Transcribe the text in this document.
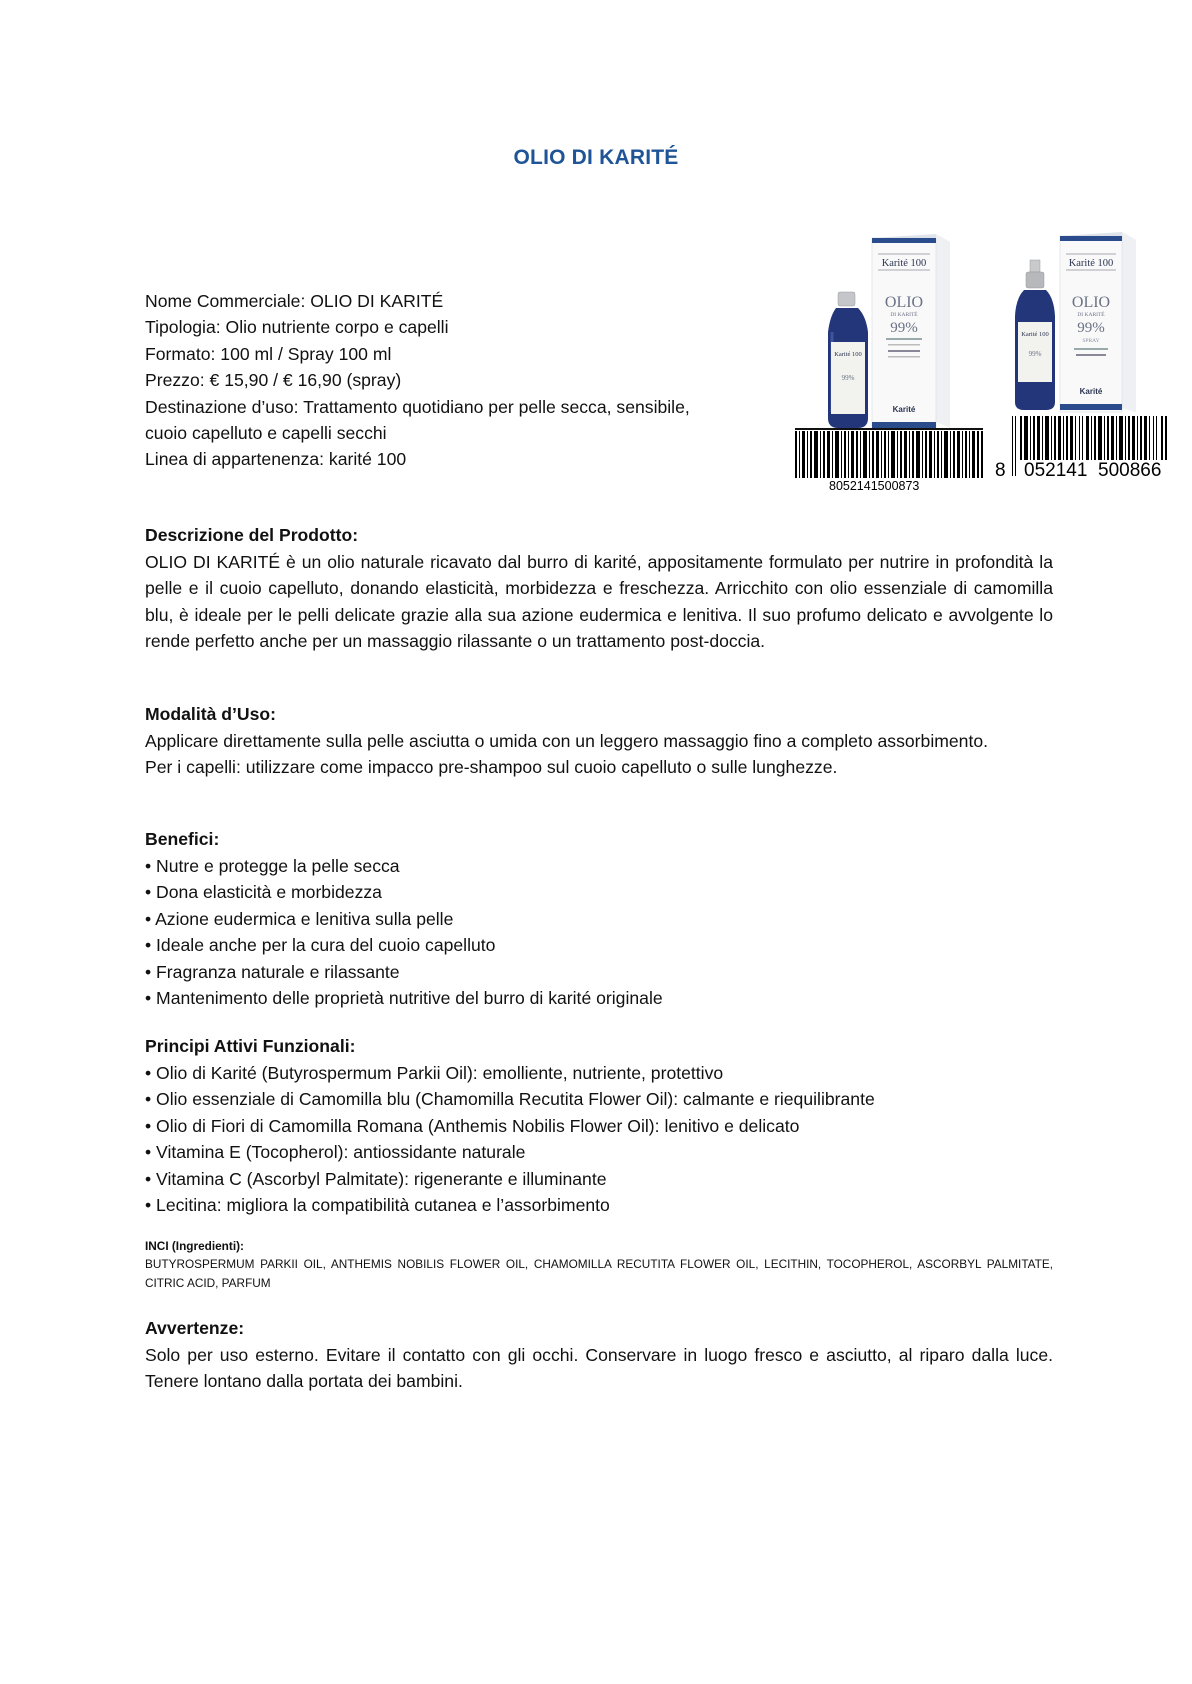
OLIO DI KARITÉ
Nome Commerciale: OLIO DI KARITÉ
Tipologia: Olio nutriente corpo e capelli
Formato: 100 ml / Spray 100 ml
Prezzo: € 15,90 / € 16,90 (spray)
Destinazione d’uso: Trattamento quotidiano per pelle secca, sensibile,
cuoio capelluto e capelli secchi
Linea di appartenenza: karité 100
Karité 100
OLIO
DI KARITÉ
99%
Karité
Karité 100
99%
Karité 100
OLIO
DI KARITÉ
99%
SPRAY
Karité
Karité 100
99%
8052141500873
8 052141 500866
Descrizione del Prodotto:
OLIO DI KARITÉ è un olio naturale ricavato dal burro di karité, appositamente formulato per nutrire in profondità la pelle e il cuoio capelluto, donando elasticità, morbidezza e freschezza. Arricchito con olio essenziale di camomilla blu, è ideale per le pelli delicate grazie alla sua azione eudermica e lenitiva. Il suo profumo delicato e avvolgente lo rende perfetto anche per un massaggio rilassante o un trattamento post-doccia.
Modalità d’Uso:

Applicare direttamente sulla pelle asciutta o umida con un leggero massaggio fino a completo assorbimento.

Per i capelli: utilizzare come impacco pre-shampoo sul cuoio capelluto o sulle lunghezze.

Benefici:
• Nutre e protegge la pelle secca
• Dona elasticità e morbidezza
• Azione eudermica e lenitiva sulla pelle
• Ideale anche per la cura del cuoio capelluto
• Fragranza naturale e rilassante
• Mantenimento delle proprietà nutritive del burro di karité originale
Principi Attivi Funzionali:
• Olio di Karité (Butyrospermum Parkii Oil): emolliente, nutriente, protettivo
• Olio essenziale di Camomilla blu (Chamomilla Recutita Flower Oil): calmante e riequilibrante
• Olio di Fiori di Camomilla Romana (Anthemis Nobilis Flower Oil): lenitivo e delicato
• Vitamina E (Tocopherol): antiossidante naturale
• Vitamina C (Ascorbyl Palmitate): rigenerante e illuminante
• Lecitina: migliora la compatibilità cutanea e l’assorbimento
INCI (Ingredienti):
BUTYROSPERMUM PARKII OIL, ANTHEMIS NOBILIS FLOWER OIL, CHAMOMILLA RECUTITA FLOWER OIL, LECITHIN, TOCOPHEROL, ASCORBYL PALMITATE, CITRIC ACID, PARFUM
Avvertenze:
Solo per uso esterno. Evitare il contatto con gli occhi. Conservare in luogo fresco e asciutto, al riparo dalla luce. Tenere lontano dalla portata dei bambini.
